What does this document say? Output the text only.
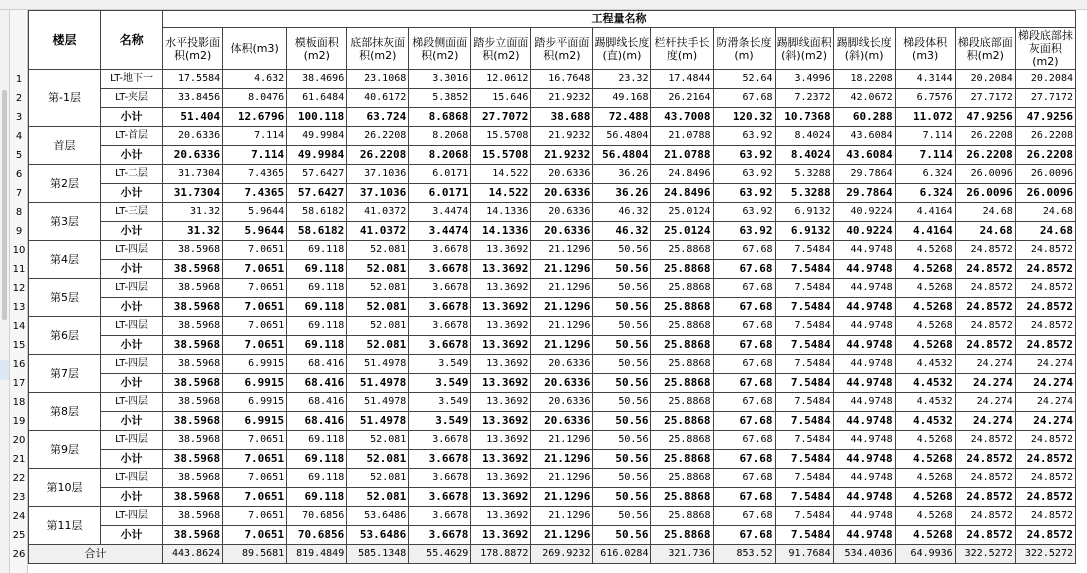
1
2
3
4
5
6
7
8
9
10
11
12
13
14
15
16
17
18
19
20
21
22
23
24
25
26
楼层	名称	工程量名称														
		水平投影面积(m2)	体积(m3)	模板面积(m2)	底部抹灰面积(m2)	梯段侧面面积(m2)	踏步立面面积(m2)	踏步平面面积(m2)	踢脚线长度(直)(m)	栏杆扶手长度(m)	防滑条长度(m)	踢脚线面积(斜)(m2)	踢脚线长度(斜)(m)	梯段体积(m3)	梯段底部面积(m2)	梯段底部抹灰面积(m2)
第-1层	LT-地下一	17.5584	4.632	38.4696	23.1068	3.3016	12.0612	16.7648	23.32	17.4844	52.64	3.4996	18.2208	4.3144	20.2084	20.2084
	LT-夹层	33.8456	8.0476	61.6484	40.6172	5.3852	15.646	21.9232	49.168	26.2164	67.68	7.2372	42.0672	6.7576	27.7172	27.7172
	小计	51.404	12.6796	100.118	63.724	8.6868	27.7072	38.688	72.488	43.7008	120.32	10.7368	60.288	11.072	47.9256	47.9256
首层	LT-首层	20.6336	7.114	49.9984	26.2208	8.2068	15.5708	21.9232	56.4804	21.0788	63.92	8.4024	43.6084	7.114	26.2208	26.2208
	小计	20.6336	7.114	49.9984	26.2208	8.2068	15.5708	21.9232	56.4804	21.0788	63.92	8.4024	43.6084	7.114	26.2208	26.2208
第2层	LT-二层	31.7304	7.4365	57.6427	37.1036	6.0171	14.522	20.6336	36.26	24.8496	63.92	5.3288	29.7864	6.324	26.0096	26.0096
	小计	31.7304	7.4365	57.6427	37.1036	6.0171	14.522	20.6336	36.26	24.8496	63.92	5.3288	29.7864	6.324	26.0096	26.0096
第3层	LT-三层	31.32	5.9644	58.6182	41.0372	3.4474	14.1336	20.6336	46.32	25.0124	63.92	6.9132	40.9224	4.4164	24.68	24.68
	小计	31.32	5.9644	58.6182	41.0372	3.4474	14.1336	20.6336	46.32	25.0124	63.92	6.9132	40.9224	4.4164	24.68	24.68
第4层	LT-四层	38.5968	7.0651	69.118	52.081	3.6678	13.3692	21.1296	50.56	25.8868	67.68	7.5484	44.9748	4.5268	24.8572	24.8572
	小计	38.5968	7.0651	69.118	52.081	3.6678	13.3692	21.1296	50.56	25.8868	67.68	7.5484	44.9748	4.5268	24.8572	24.8572
第5层	LT-四层	38.5968	7.0651	69.118	52.081	3.6678	13.3692	21.1296	50.56	25.8868	67.68	7.5484	44.9748	4.5268	24.8572	24.8572
	小计	38.5968	7.0651	69.118	52.081	3.6678	13.3692	21.1296	50.56	25.8868	67.68	7.5484	44.9748	4.5268	24.8572	24.8572
第6层	LT-四层	38.5968	7.0651	69.118	52.081	3.6678	13.3692	21.1296	50.56	25.8868	67.68	7.5484	44.9748	4.5268	24.8572	24.8572
	小计	38.5968	7.0651	69.118	52.081	3.6678	13.3692	21.1296	50.56	25.8868	67.68	7.5484	44.9748	4.5268	24.8572	24.8572
第7层	LT-四层	38.5968	6.9915	68.416	51.4978	3.549	13.3692	20.6336	50.56	25.8868	67.68	7.5484	44.9748	4.4532	24.274	24.274
	小计	38.5968	6.9915	68.416	51.4978	3.549	13.3692	20.6336	50.56	25.8868	67.68	7.5484	44.9748	4.4532	24.274	24.274
第8层	LT-四层	38.5968	6.9915	68.416	51.4978	3.549	13.3692	20.6336	50.56	25.8868	67.68	7.5484	44.9748	4.4532	24.274	24.274
	小计	38.5968	6.9915	68.416	51.4978	3.549	13.3692	20.6336	50.56	25.8868	67.68	7.5484	44.9748	4.4532	24.274	24.274
第9层	LT-四层	38.5968	7.0651	69.118	52.081	3.6678	13.3692	21.1296	50.56	25.8868	67.68	7.5484	44.9748	4.5268	24.8572	24.8572
	小计	38.5968	7.0651	69.118	52.081	3.6678	13.3692	21.1296	50.56	25.8868	67.68	7.5484	44.9748	4.5268	24.8572	24.8572
第10层	LT-四层	38.5968	7.0651	69.118	52.081	3.6678	13.3692	21.1296	50.56	25.8868	67.68	7.5484	44.9748	4.5268	24.8572	24.8572
	小计	38.5968	7.0651	69.118	52.081	3.6678	13.3692	21.1296	50.56	25.8868	67.68	7.5484	44.9748	4.5268	24.8572	24.8572
第11层	LT-四层	38.5968	7.0651	70.6856	53.6486	3.6678	13.3692	21.1296	50.56	25.8868	67.68	7.5484	44.9748	4.5268	24.8572	24.8572
	小计	38.5968	7.0651	70.6856	53.6486	3.6678	13.3692	21.1296	50.56	25.8868	67.68	7.5484	44.9748	4.5268	24.8572	24.8572
合计		443.8624	89.5681	819.4849	585.1348	55.4629	178.8872	269.9232	616.0284	321.736	853.52	91.7684	534.4036	64.9936	322.5272	322.5272
